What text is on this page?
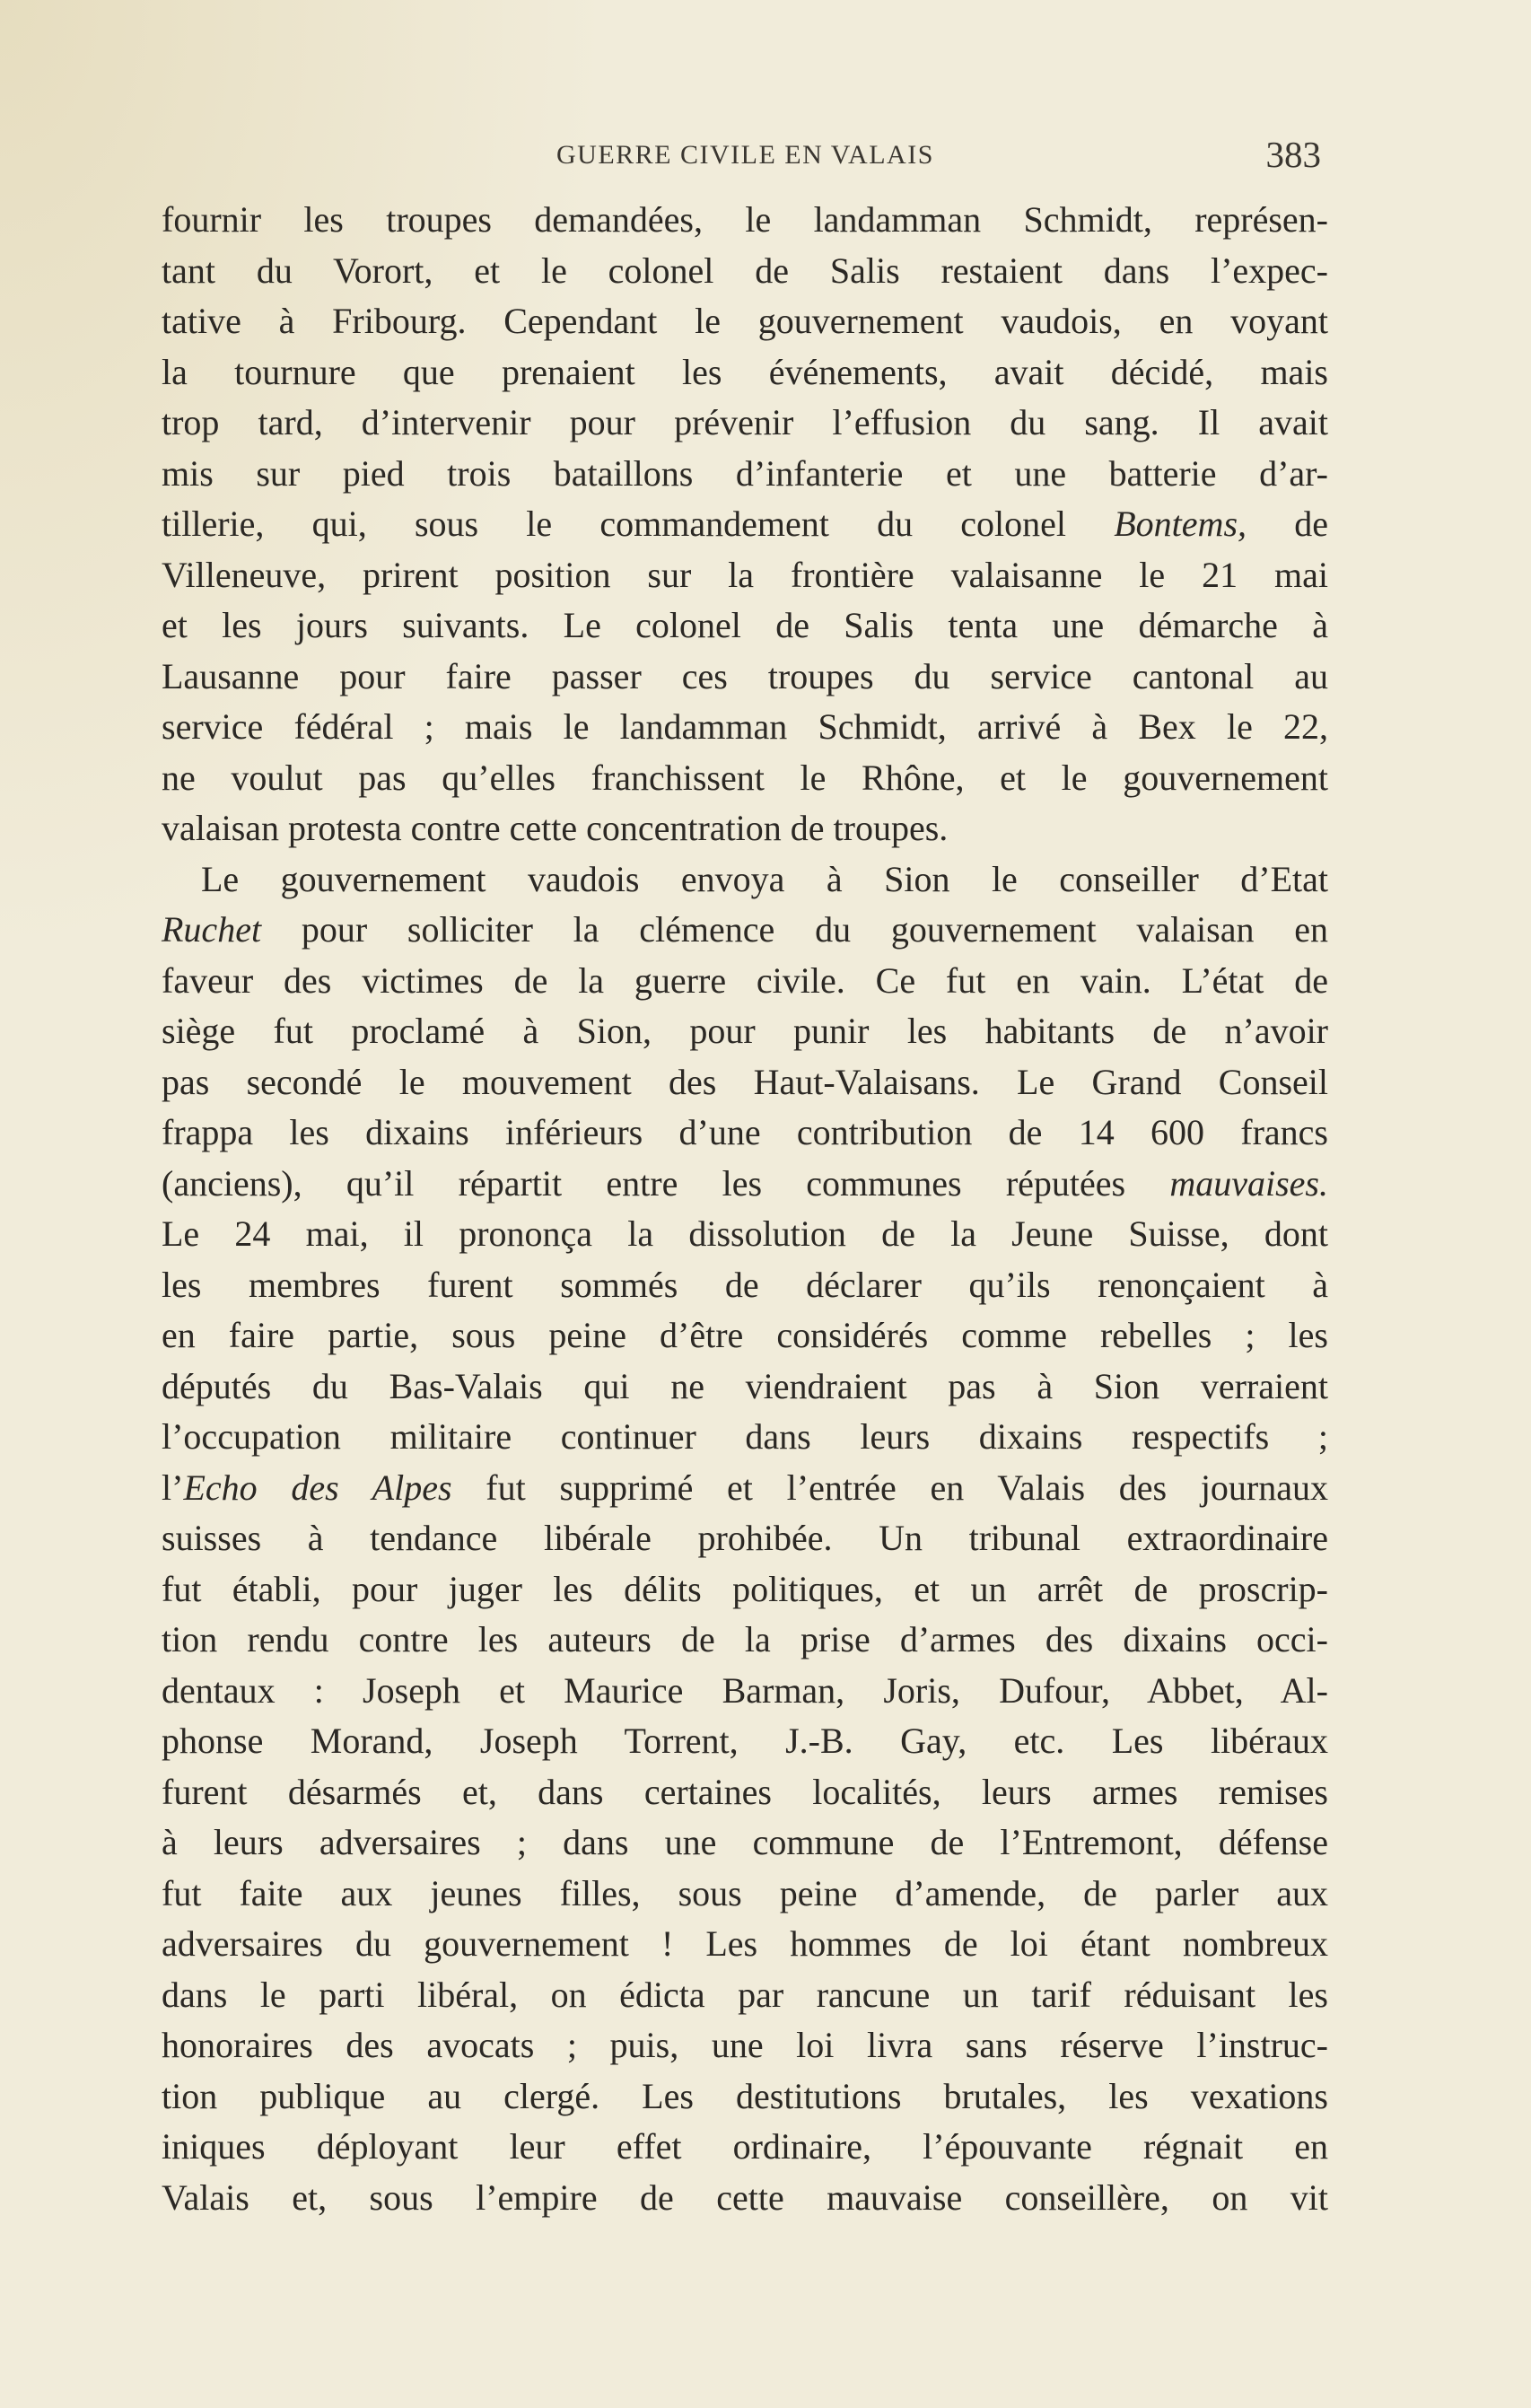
GUERRE CIVILE EN VALAIS	383
fournir les troupes demandées, le landamman Schmidt, représen-
tant du Vorort, et le colonel de Salis restaient dans l’expec-
tative à Fribourg. Cependant le gouvernement vaudois, en voyant
la tournure que prenaient les événements, avait décidé, mais
trop tard, d’intervenir pour prévenir l’effusion du sang. Il avait
mis sur pied trois bataillons d’infanterie et une batterie d’ar-
tillerie, qui, sous le commandement du colonel Bontems, de
Villeneuve, prirent position sur la frontière valaisanne le 21 mai
et les jours suivants. Le colonel de Salis tenta une démarche à
Lausanne pour faire passer ces troupes du service cantonal au
service fédéral ; mais le landamman Schmidt, arrivé à Bex le 22,
ne voulut pas qu’elles franchissent le Rhône, et le gouvernement
valaisan protesta contre cette concentration de troupes.
Le gouvernement vaudois envoya à Sion le conseiller d’Etat
Ruchet pour solliciter la clémence du gouvernement valaisan en
faveur des victimes de la guerre civile. Ce fut en vain. L’état de
siège fut proclamé à Sion, pour punir les habitants de n’avoir
pas secondé le mouvement des Haut-Valaisans. Le Grand Conseil
frappa les dixains inférieurs d’une contribution de 14 600 francs
(anciens), qu’il répartit entre les communes réputées mauvaises.
Le 24 mai, il prononça la dissolution de la Jeune Suisse, dont
les membres furent sommés de déclarer qu’ils renonçaient à
en faire partie, sous peine d’être considérés comme rebelles ; les
députés du Bas-Valais qui ne viendraient pas à Sion verraient
l’occupation militaire continuer dans leurs dixains respectifs ;
l’Echo des Alpes fut supprimé et l’entrée en Valais des journaux
suisses à tendance libérale prohibée. Un tribunal extraordinaire
fut établi, pour juger les délits politiques, et un arrêt de proscrip-
tion rendu contre les auteurs de la prise d’armes des dixains occi-
dentaux : Joseph et Maurice Barman, Joris, Dufour, Abbet, Al-
phonse Morand, Joseph Torrent, J.-B. Gay, etc. Les libéraux
furent désarmés et, dans certaines localités, leurs armes remises
à leurs adversaires ; dans une commune de l’Entremont, défense
fut faite aux jeunes filles, sous peine d’amende, de parler aux
adversaires du gouvernement ! Les hommes de loi étant nombreux
dans le parti libéral, on édicta par rancune un tarif réduisant les
honoraires des avocats ; puis, une loi livra sans réserve l’instruc-
tion publique au clergé. Les destitutions brutales, les vexations
iniques déployant leur effet ordinaire, l’épouvante régnait en
Valais et, sous l’empire de cette mauvaise conseillère, on vit
